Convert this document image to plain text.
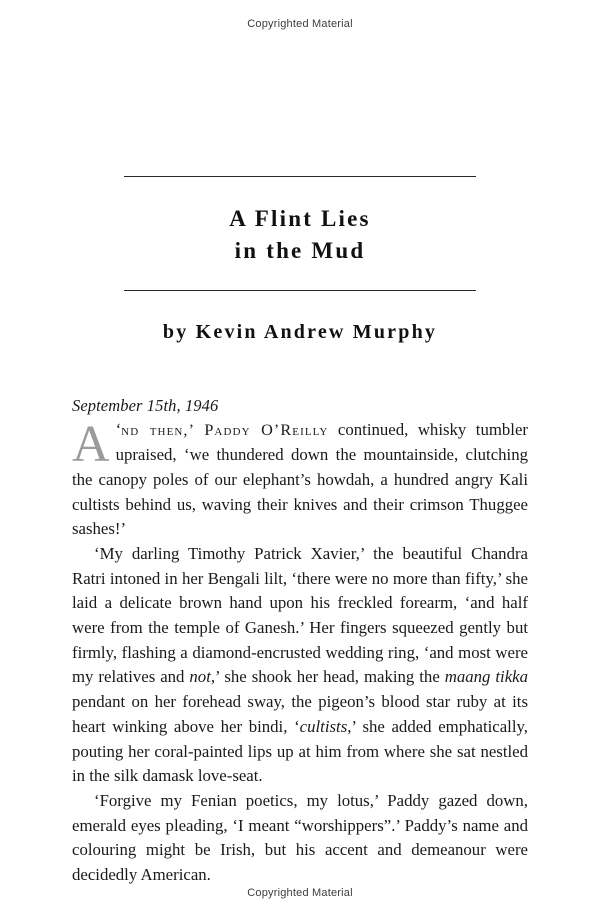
Copyrighted Material
A Flint Lies
in the Mud
by Kevin Andrew Murphy
September 15th, 1946

A ‘nd then,’ Paddy O’Reilly continued, whisky tumbler upraised, ‘we thundered down the mountainside, clutching the canopy poles of our elephant’s howdah, a hundred angry Kali cultists behind us, waving their knives and their crimson Thuggee sashes!’

‘My darling Timothy Patrick Xavier,’ the beautiful Chandra Ratri intoned in her Bengali lilt, ‘there were no more than fifty,’ she laid a delicate brown hand upon his freckled forearm, ‘and half were from the temple of Ganesh.’ Her fingers squeezed gently but firmly, flashing a diamond-encrusted wedding ring, ‘and most were my relatives and not,’ she shook her head, making the maang tikka pendant on her forehead sway, the pigeon’s blood star ruby at its heart winking above her bindi, ‘cultists,’ she added emphatically, pouting her coral-painted lips up at him from where she sat nestled in the silk damask love-seat.

‘Forgive my Fenian poetics, my lotus,’ Paddy gazed down, emerald eyes pleading, ‘I meant “worshippers”.’ Paddy’s name and colouring might be Irish, but his accent and demeanour were decidedly American.

Copyrighted Material
